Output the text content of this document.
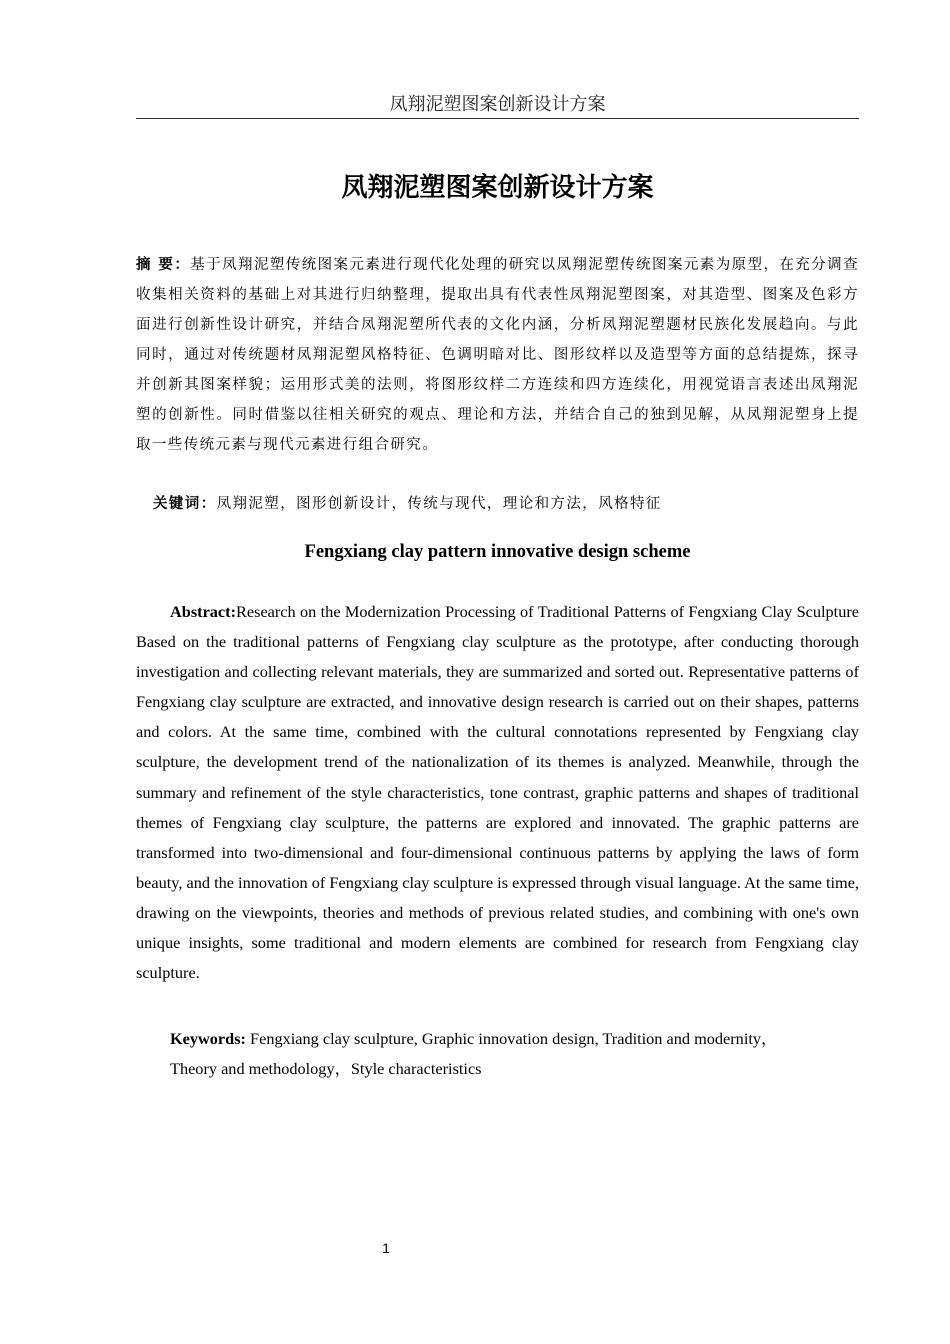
凤翔泥塑图案创新设计方案
凤翔泥塑图案创新设计方案
摘 要：基于凤翔泥塑传统图案元素进行现代化处理的研究以凤翔泥塑传统图案元素为原型，在充分调查收集相关资料的基础上对其进行归纳整理，提取出具有代表性凤翔泥塑图案，对其造型、图案及色彩方面进行创新性设计研究，并结合凤翔泥塑所代表的文化内涵，分析凤翔泥塑题材民族化发展趋向。与此同时，通过对传统题材凤翔泥塑风格特征、色调明暗对比、图形纹样以及造型等方面的总结提炼，探寻并创新其图案样貌；运用形式美的法则，将图形纹样二方连续和四方连续化，用视觉语言表述出凤翔泥塑的创新性。同时借鉴以往相关研究的观点、理论和方法，并结合自己的独到见解，从凤翔泥塑身上提取一些传统元素与现代元素进行组合研究。
关键词：凤翔泥塑，图形创新设计，传统与现代，理论和方法，风格特征
Fengxiang clay pattern innovative design scheme
Abstract:Research on the Modernization Processing of Traditional Patterns of Fengxiang Clay Sculpture Based on the traditional patterns of Fengxiang clay sculpture as the prototype, after conducting thorough investigation and collecting relevant materials, they are summarized and sorted out. Representative patterns of Fengxiang clay sculpture are extracted, and innovative design research is carried out on their shapes, patterns and colors. At the same time, combined with the cultural connotations represented by Fengxiang clay sculpture, the development trend of the nationalization of its themes is analyzed. Meanwhile, through the summary and refinement of the style characteristics, tone contrast, graphic patterns and shapes of traditional themes of Fengxiang clay sculpture, the patterns are explored and innovated. The graphic patterns are transformed into two-dimensional and four-dimensional continuous patterns by applying the laws of form beauty, and the innovation of Fengxiang clay sculpture is expressed through visual language. At the same time, drawing on the viewpoints, theories and methods of previous related studies, and combining with one's own unique insights, some traditional and modern elements are combined for research from Fengxiang clay sculpture.
Keywords: Fengxiang clay sculpture, Graphic innovation design, Tradition and modernity，
Theory and methodology，Style characteristics
1
